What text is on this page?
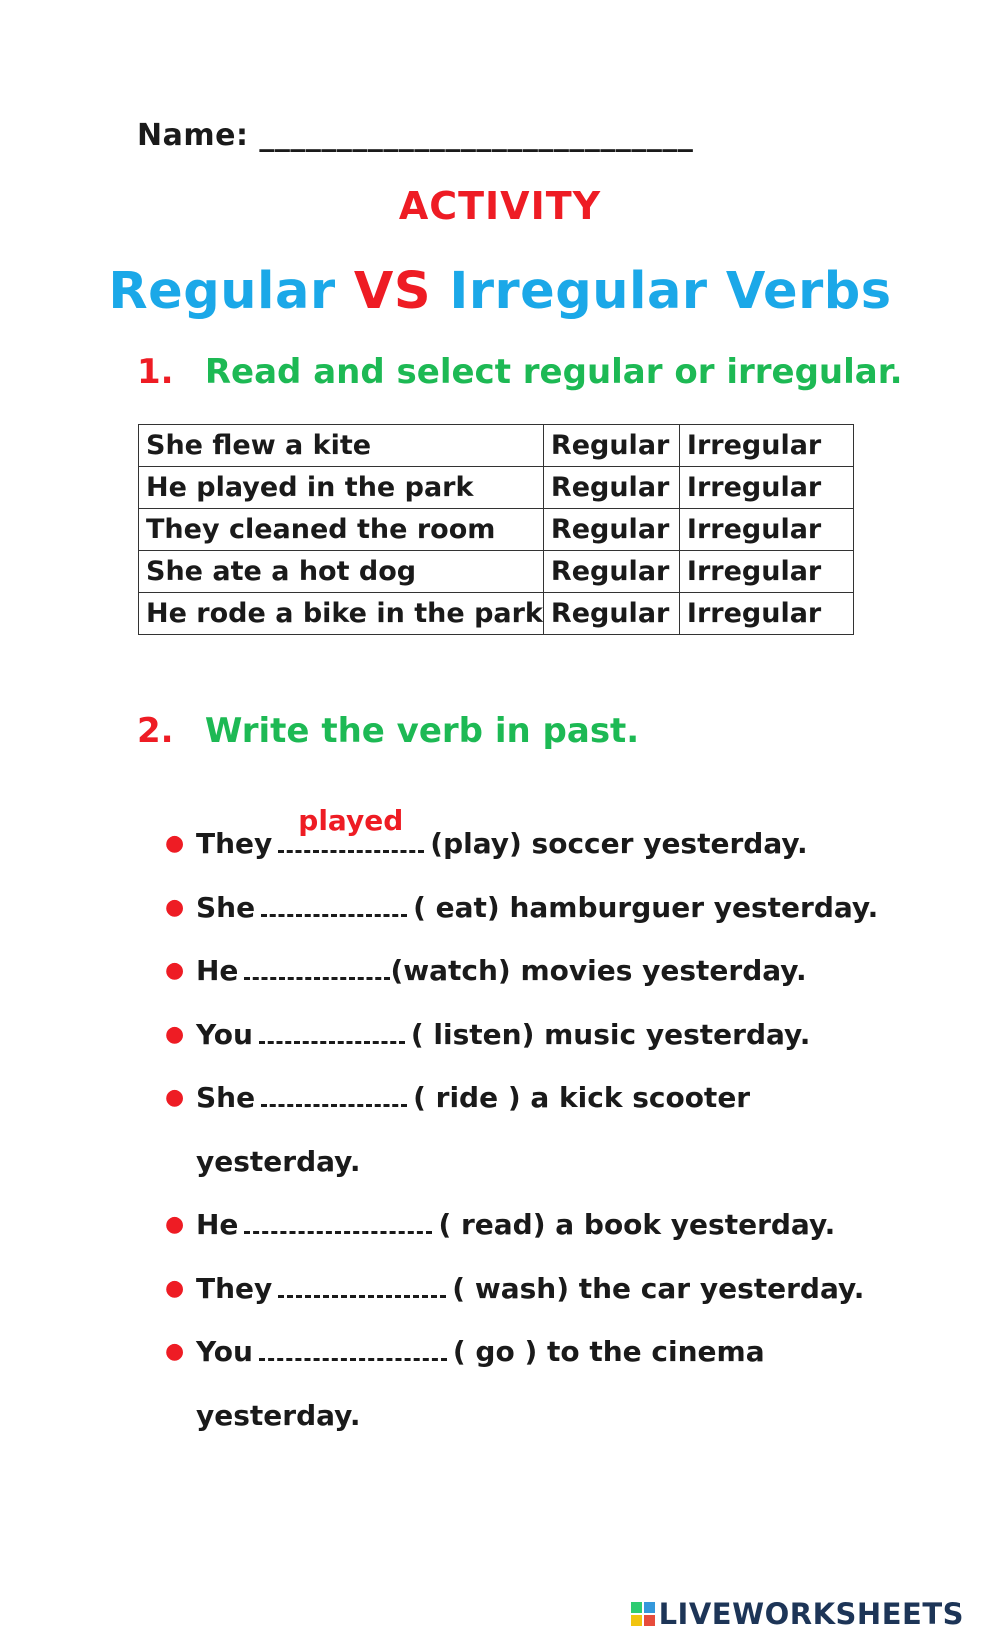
Name: ____________________________
ACTIVITY
Regular VS Irregular Verbs
1. Read and select regular or irregular.
She flew a kite	Regular	Irregular
He played in the park	Regular	Irregular
They cleaned the room	Regular	Irregular
She ate a hot dog	Regular	Irregular
He rode a bike in the park	Regular	Irregular
2. Write the verb in past.
● They
played
(play) soccer yesterday.
● She	( eat) hamburguer yesterday.
● He	(watch) movies yesterday.
● You	( listen) music yesterday.
● She	( ride ) a kick scooter
yesterday.
● He	( read) a book yesterday.
● They	( wash) the car yesterday.
● You	( go ) to the cinema
yesterday.
LIVEWORKSHEETS
